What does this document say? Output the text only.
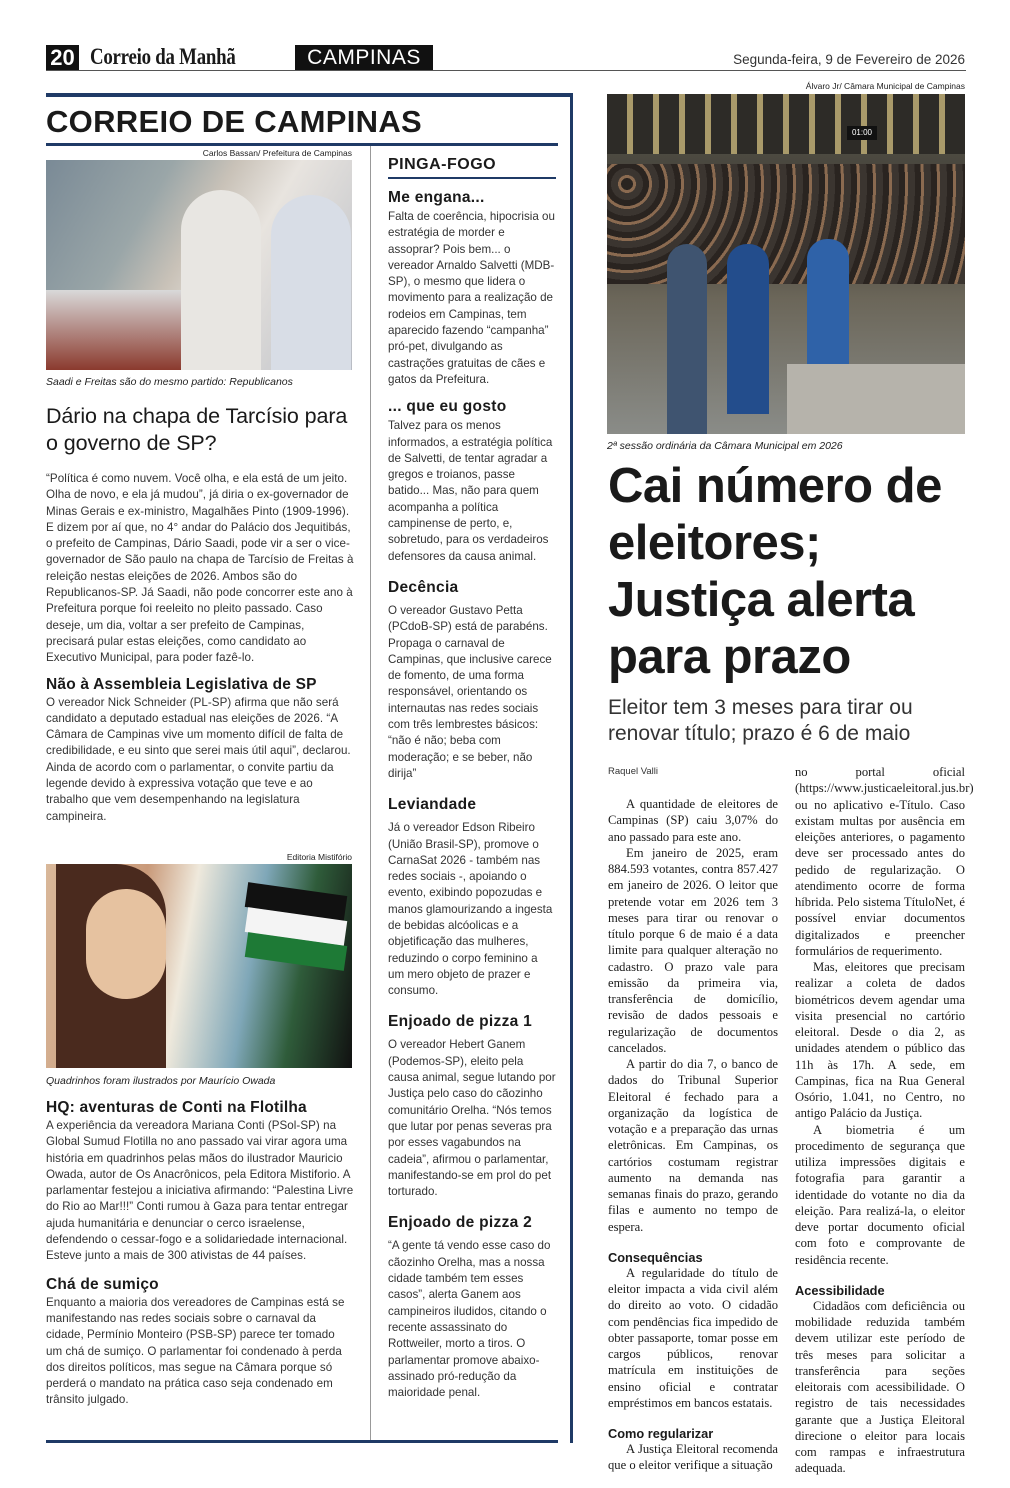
20 Correio da Manhã	CAMPINAS	Segunda-feira, 9 de Fevereiro de 2026
CORREIO DE CAMPINAS
Carlos Bassan/ Prefeitura de Campinas
Saadi e Freitas são do mesmo partido: Republicanos
Dário na chapa de Tarcísio para o governo de SP?

“Política é como nuvem. Você olha, e ela está de um jeito. Olha de novo, e ela já mudou”, já diria o ex-governador de Minas Gerais e ex-ministro, Magalhães Pinto (1909-1996). E dizem por aí que, no 4° andar do Palácio dos Jequitibás, o prefeito de Campinas, Dário Saadi, pode vir a ser o vice-governador de São paulo na chapa de Tarcísio de Freitas à releição nestas eleições de 2026. Ambos são do Republicanos-SP. Já Saadi, não pode concorrer este ano à Prefeitura porque foi reeleito no pleito passado. Caso deseje, um dia, voltar a ser prefeito de Campinas, precisará pular estas eleições, como candidato ao Executivo Municipal, para poder fazê-lo.

Não à Assembleia Legislativa de SP

O vereador Nick Schneider (PL-SP) afirma que não será candidato a deputado estadual nas eleições de 2026. “A Câmara de Campinas vive um momento difícil de falta de credibilidade, e eu sinto que serei mais útil aqui”, declarou. Ainda de acordo com o parlamentar, o convite partiu da legende devido à expressiva votação que teve e ao trabalho que vem desempenhando na legislatura campineira.

Editoria Mistifório
Quadrinhos foram ilustrados por Maurício Owada
HQ: aventuras de Conti na Flotilha

A experiência da vereadora Mariana Conti (PSol-SP) na Global Sumud Flotilla no ano passado vai virar agora uma história em quadrinhos pelas mãos do ilustrador Mauricio Owada, autor de Os Anacrônicos, pela Editora Mistiforio. A parlamentar festejou a iniciativa afirmando: “Palestina Livre do Rio ao Mar!!!” Conti rumou à Gaza para tentar entregar ajuda humanitária e denunciar o cerco israelense, defendendo o cessar-fogo e a solidariedade internacional. Esteve junto a mais de 300 ativistas de 44 países.

Chá de sumiço

Enquanto a maioria dos vereadores de Campinas está se manifestando nas redes sociais sobre o carnaval da cidade, Permínio Monteiro (PSB-SP) parece ter tomado um chá de sumiço. O parlamentar foi condenado à perda dos direitos políticos, mas segue na Câmara porque só perderá o mandato na prática caso seja condenado em trânsito julgado.

PINGA-FOGO
Me engana...

Falta de coerência, hipocrisia ou estratégia de morder e assoprar? Pois bem... o vereador Arnaldo Salvetti (MDB-SP), o mesmo que lidera o movimento para a realização de rodeios em Campinas, tem aparecido fazendo “campanha” pró-pet, divulgando as castrações gratuitas de cães e gatos da Prefeitura.

... que eu gosto

Talvez para os menos informados, a estratégia política de Salvetti, de tentar agradar a gregos e troianos, passe batido... Mas, não para quem acompanha a política campinense de perto, e, sobretudo, para os verdadeiros defensores da causa animal.

Decência

O vereador Gustavo Petta (PCdoB-SP) está de parabéns. Propaga o carnaval de Campinas, que inclusive carece de fomento, de uma forma responsável, orientando os internautas nas redes sociais com três lembrestes básicos: “não é não; beba com moderação; e se beber, não dirija”

Leviandade

Já o vereador Edson Ribeiro (União Brasil-SP), promove o CarnaSat 2026 - também nas redes sociais -, apoiando o evento, exibindo popozudas e manos glamourizando a ingesta de bebidas alcóolicas e a objetificação das mulheres, reduzindo o corpo feminino a um mero objeto de prazer e consumo.

Enjoado de pizza 1

O vereador Hebert Ganem (Podemos-SP), eleito pela causa animal, segue lutando por Justiça pelo caso do cãozinho comunitário Orelha. “Nós temos que lutar por penas severas pra por esses vagabundos na cadeia”, afirmou o parlamentar, manifestando-se em prol do pet torturado.

Enjoado de pizza 2

“A gente tá vendo esse caso do cãozinho Orelha, mas a nossa cidade também tem esses casos”, alerta Ganem aos campineiros iludidos, citando o recente assassinato do Rottweiler, morto a tiros. O parlamentar promove abaixo-assinado pró-redução da maioridade penal.

Álvaro Jr/ Câmara Municipal de Campinas
01:00
2ª sessão ordinária da Câmara Municipal em 2026
Cai número de eleitores; Justiça alerta para prazo
Eleitor tem 3 meses para tirar ou renovar título; prazo é 6 de maio
Raquel Valli

A quantidade de eleitores de Campinas (SP) caiu 3,07% do ano passado para este ano.

Em janeiro de 2025, eram 884.593 votantes, contra 857.427 em janeiro de 2026. O leitor que pretende votar em 2026 tem 3 meses para tirar ou renovar o título porque 6 de maio é a data limite para qualquer alteração no cadastro. O prazo vale para emissão da primeira via, transferência de domicílio, revisão de dados pessoais e regularização de documentos cancelados.

A partir do dia 7, o banco de dados do Tribunal Superior Eleitoral é fechado para a organização da logística de votação e a preparação das urnas eletrônicas. Em Campinas, os cartórios costumam registrar aumento na demanda nas semanas finais do prazo, gerando filas e aumento no tempo de espera.

Consequências

A regularidade do título de eleitor impacta a vida civil além do direito ao voto. O cidadão com pendências fica impedido de obter passaporte, tomar posse em cargos públicos, renovar matrícula em instituições de ensino oficial e contratar empréstimos em bancos estatais.

Como regularizar

A Justiça Eleitoral recomenda que o eleitor verifique a situação

no portal oficial (https://www.justicaeleitoral.jus.br) ou no aplicativo e-Título. Caso existam multas por ausência em eleições anteriores, o pagamento deve ser processado antes do pedido de regularização. O atendimento ocorre de forma híbrida. Pelo sistema TítuloNet, é possível enviar documentos digitalizados e preencher formulários de requerimento.

Mas, eleitores que precisam realizar a coleta de dados biométricos devem agendar uma visita presencial no cartório eleitoral. Desde o dia 2, as unidades atendem o público das 11h às 17h. A sede, em Campinas, fica na Rua General Osório, 1.041, no Centro, no antigo Palácio da Justiça.

A biometria é um procedimento de segurança que utiliza impressões digitais e fotografia para garantir a identidade do votante no dia da eleição. Para realizá-la, o eleitor deve portar documento oficial com foto e comprovante de residência recente.

Acessibilidade

Cidadãos com deficiência ou mobilidade reduzida também devem utilizar este período de três meses para solicitar a transferência para seções eleitorais com acessibilidade. O registro de tais necessidades garante que a Justiça Eleitoral direcione o eleitor para locais com rampas e infraestrutura adequada.
